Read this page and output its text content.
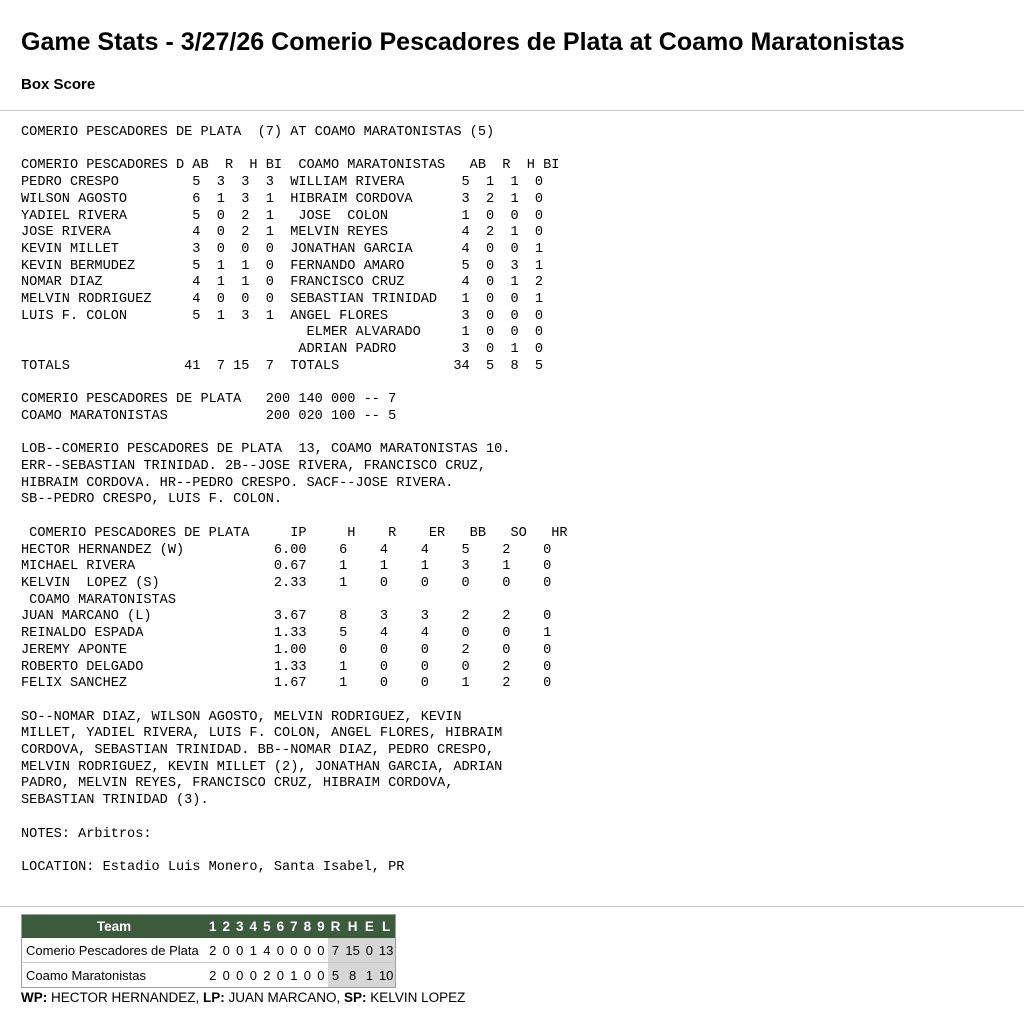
Game Stats - 3/27/26 Comerio Pescadores de Plata at Coamo Maratonistas
Box Score
COMERIO PESCADORES DE PLATA  (7) AT COAMO MARATONISTAS (5)

COMERIO PESCADORES D AB  R  H BI  COAMO MARATONISTAS   AB  R  H BI
PEDRO CRESPO         5  3  3  3  WILLIAM RIVERA       5  1  1  0
WILSON AGOSTO        6  1  3  1  HIBRAIM CORDOVA      3  2  1  0
YADIEL RIVERA        5  0  2  1   JOSE  COLON         1  0  0  0
JOSE RIVERA          4  0  2  1  MELVIN REYES         4  2  1  0
KEVIN MILLET         3  0  0  0  JONATHAN GARCIA      4  0  0  1
KEVIN BERMUDEZ       5  1  1  0  FERNANDO AMARO       5  0  3  1
NOMAR DIAZ           4  1  1  0  FRANCISCO CRUZ       4  0  1  2
MELVIN RODRIGUEZ     4  0  0  0  SEBASTIAN TRINIDAD   1  0  0  1
LUIS F. COLON        5  1  3  1  ANGEL FLORES         3  0  0  0
ELMER ALVARADO     1  0  0  0
ADRIAN PADRO        3  0  1  0
TOTALS              41  7 15  7  TOTALS              34  5  8  5

COMERIO PESCADORES DE PLATA   200 140 000 -- 7
COAMO MARATONISTAS            200 020 100 -- 5

LOB--COMERIO PESCADORES DE PLATA  13, COAMO MARATONISTAS 10.
ERR--SEBASTIAN TRINIDAD. 2B--JOSE RIVERA, FRANCISCO CRUZ,
HIBRAIM CORDOVA. HR--PEDRO CRESPO. SACF--JOSE RIVERA.
SB--PEDRO CRESPO, LUIS F. COLON.

COMERIO PESCADORES DE PLATA     IP     H    R    ER   BB   SO   HR
HECTOR HERNANDEZ (W)           6.00    6    4    4    5    2    0
MICHAEL RIVERA                 0.67    1    1    1    3    1    0
KELVIN  LOPEZ (S)              2.33    1    0    0    0    0    0
COAMO MARATONISTAS
JUAN MARCANO (L)               3.67    8    3    3    2    2    0
REINALDO ESPADA                1.33    5    4    4    0    0    1
JEREMY APONTE                  1.00    0    0    0    2    0    0
ROBERTO DELGADO                1.33    1    0    0    0    2    0
FELIX SANCHEZ                  1.67    1    0    0    1    2    0

SO--NOMAR DIAZ, WILSON AGOSTO, MELVIN RODRIGUEZ, KEVIN
MILLET, YADIEL RIVERA, LUIS F. COLON, ANGEL FLORES, HIBRAIM
CORDOVA, SEBASTIAN TRINIDAD. BB--NOMAR DIAZ, PEDRO CRESPO,
MELVIN RODRIGUEZ, KEVIN MILLET (2), JONATHAN GARCIA, ADRIAN
PADRO, MELVIN REYES, FRANCISCO CRUZ, HIBRAIM CORDOVA,
SEBASTIAN TRINIDAD (3).

NOTES: Arbitros:

LOCATION: Estadio Luis Monero, Santa Isabel, PR
Team	1	2	3	4	5	6	7	8	9	R	H	E	L
Comerio Pescadores de Plata	2	0	0	1	4	0	0	0	0	7	15	0	13
Coamo Maratonistas	2	0	0	0	2	0	1	0	0	5	8	1	10
WP: HECTOR HERNANDEZ, LP: JUAN MARCANO, SP: KELVIN LOPEZ
